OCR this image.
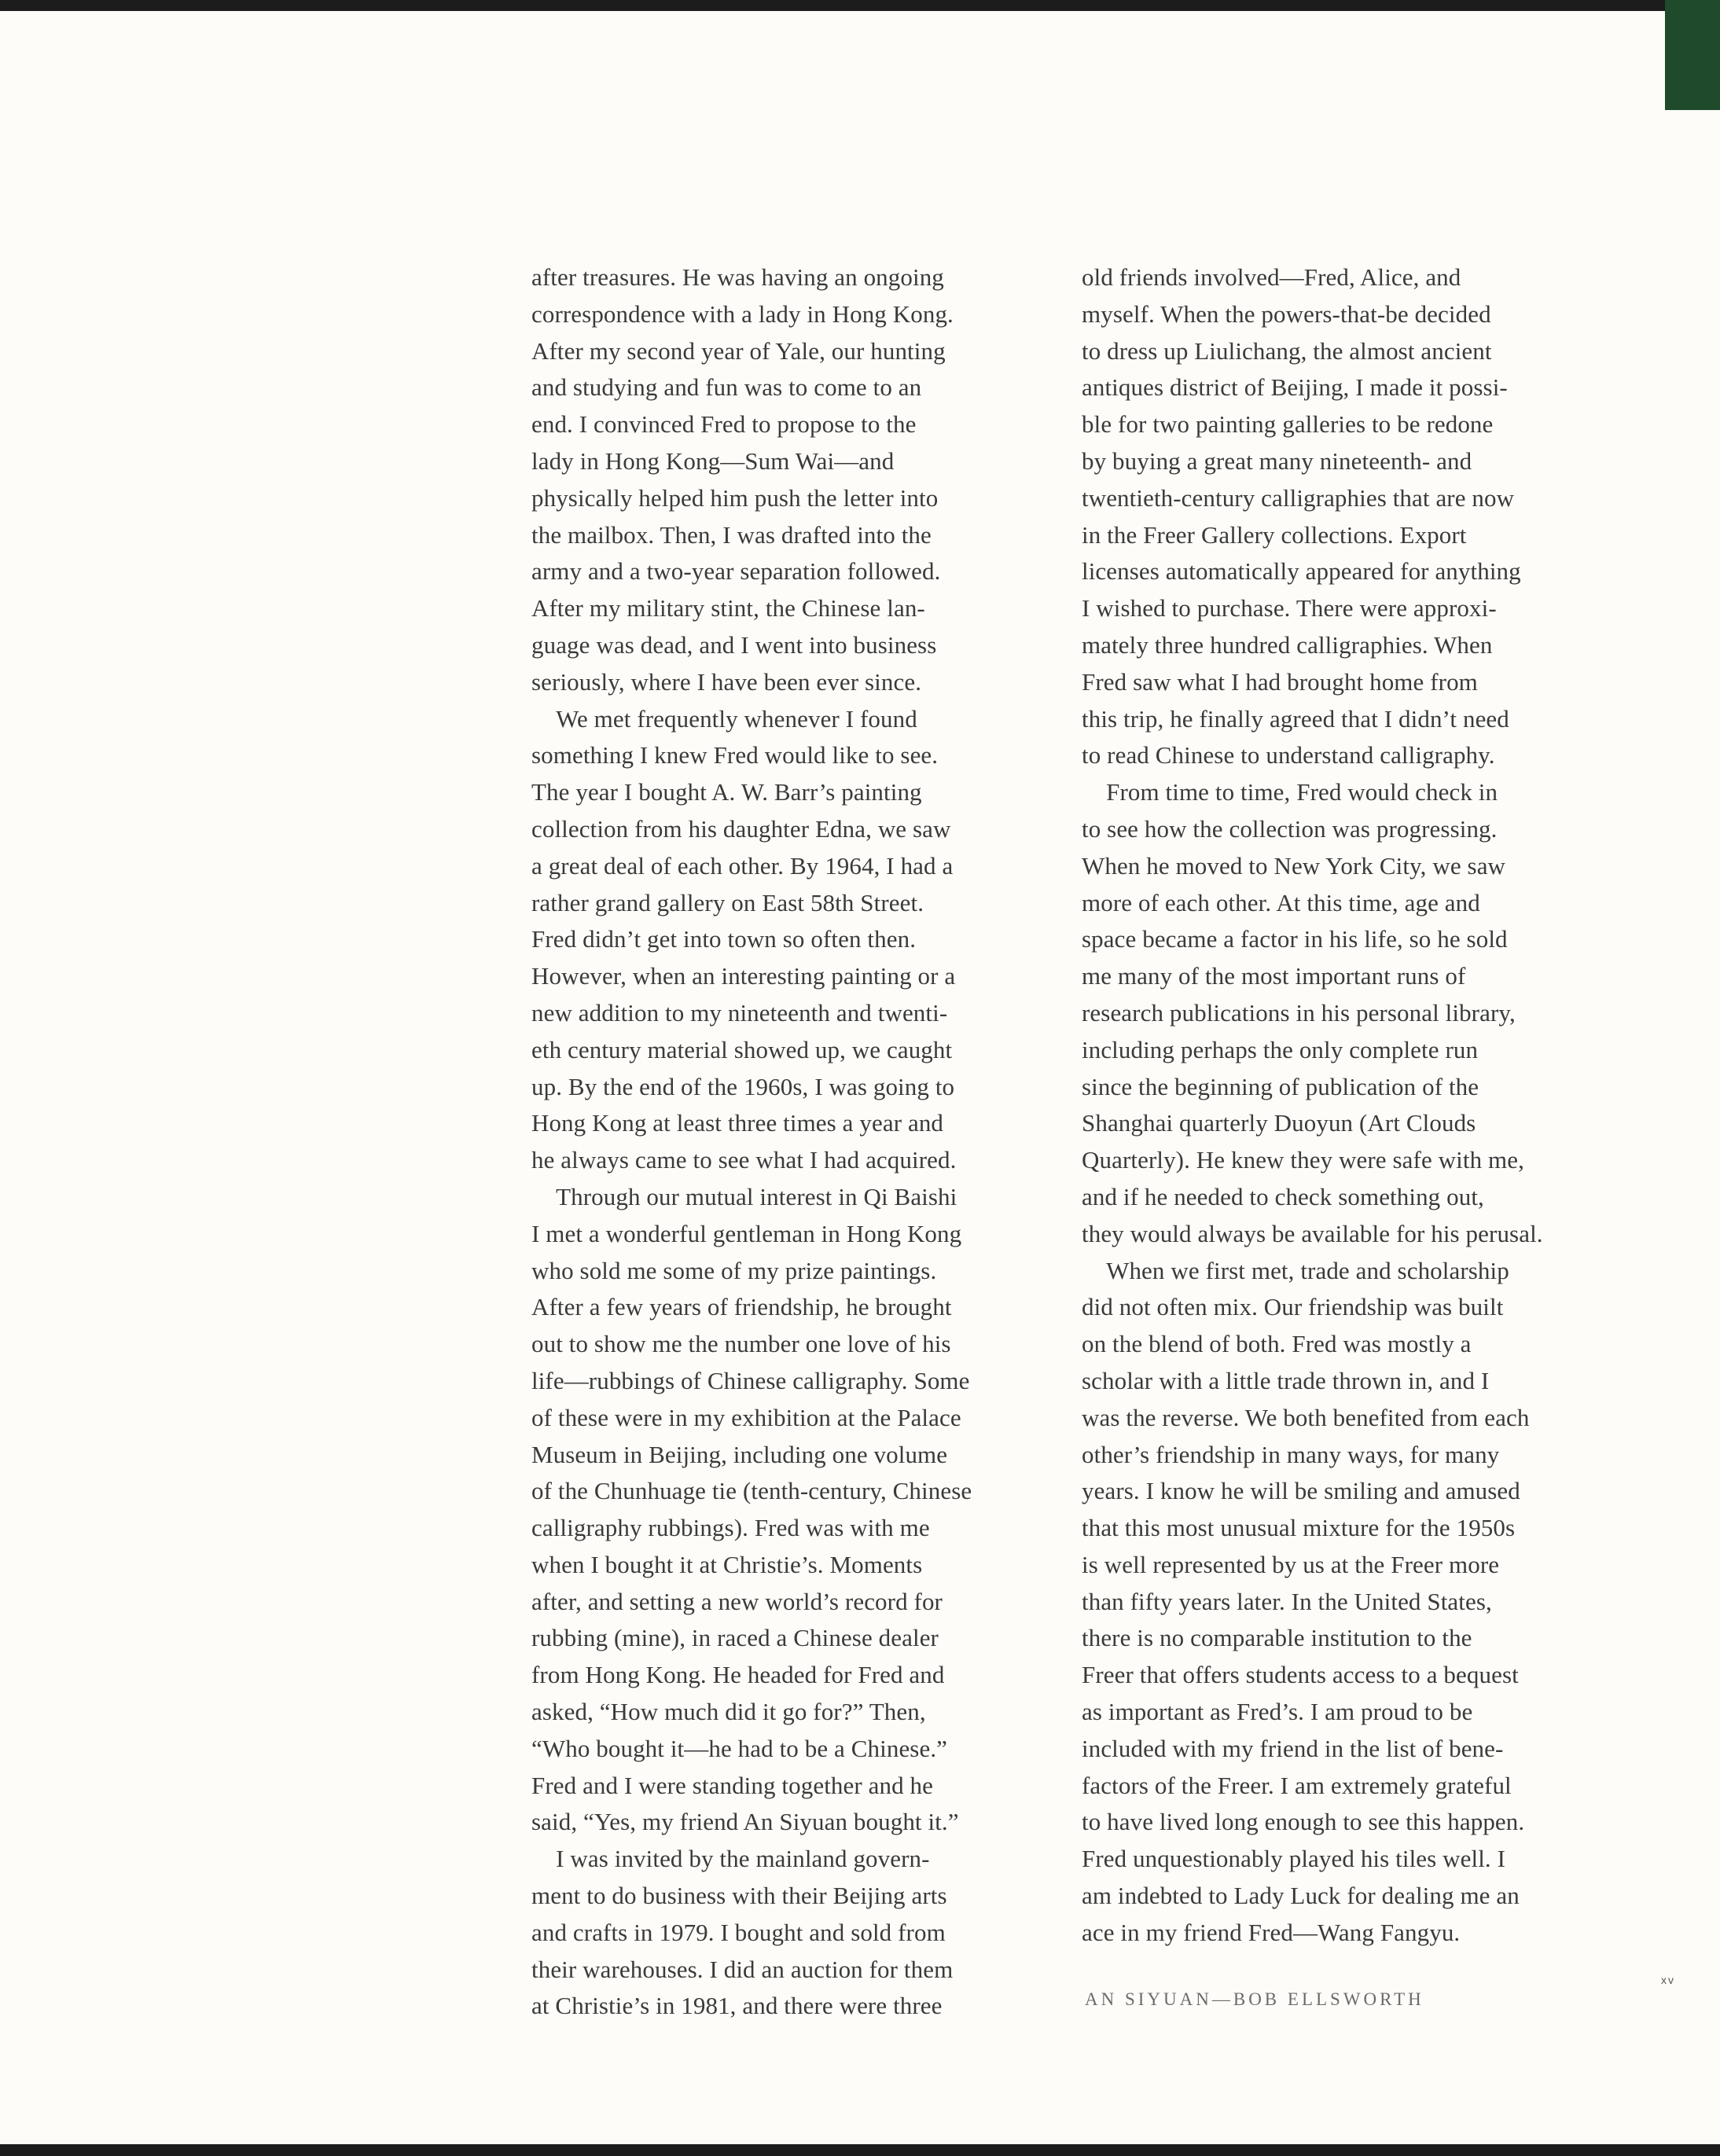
after treasures. He was having an ongoing
correspondence with a lady in Hong Kong.
After my second year of Yale, our hunting
and studying and fun was to come to an
end. I convinced Fred to propose to the
lady in Hong Kong—Sum Wai—and
physically helped him push the letter into
the mailbox. Then, I was drafted into the
army and a two-year separation followed.
After my military stint, the Chinese lan-
guage was dead, and I went into business
seriously, where I have been ever since.

 We met frequently whenever I found
something I knew Fred would like to see.
The year I bought A. W. Barr’s painting
collection from his daughter Edna, we saw
a great deal of each other. By 1964, I had a
rather grand gallery on East 58th Street.
Fred didn’t get into town so often then.
However, when an interesting painting or a
new addition to my nineteenth and twenti-
eth century material showed up, we caught
up. By the end of the 1960s, I was going to
Hong Kong at least three times a year and
he always came to see what I had acquired.

 Through our mutual interest in Qi Baishi
I met a wonderful gentleman in Hong Kong
who sold me some of my prize paintings.
After a few years of friendship, he brought
out to show me the number one love of his
life—rubbings of Chinese calligraphy. Some
of these were in my exhibition at the Palace
Museum in Beijing, including one volume
of the Chunhuage tie (tenth-century, Chinese
calligraphy rubbings). Fred was with me
when I bought it at Christie’s. Moments
after, and setting a new world’s record for
rubbing (mine), in raced a Chinese dealer
from Hong Kong. He headed for Fred and
asked, “How much did it go for?” Then,
“Who bought it—he had to be a Chinese.”
Fred and I were standing together and he
said, “Yes, my friend An Siyuan bought it.”

 I was invited by the mainland govern-
ment to do business with their Beijing arts
and crafts in 1979. I bought and sold from
their warehouses. I did an auction for them
at Christie’s in 1981, and there were three

old friends involved—Fred, Alice, and
myself. When the powers-that-be decided
to dress up Liulichang, the almost ancient
antiques district of Beijing, I made it possi-
ble for two painting galleries to be redone
by buying a great many nineteenth- and
twentieth-century calligraphies that are now
in the Freer Gallery collections. Export
licenses automatically appeared for anything
I wished to purchase. There were approxi-
mately three hundred calligraphies. When
Fred saw what I had brought home from
this trip, he finally agreed that I didn’t need
to read Chinese to understand calligraphy.

 From time to time, Fred would check in
to see how the collection was progressing.
When he moved to New York City, we saw
more of each other. At this time, age and
space became a factor in his life, so he sold
me many of the most important runs of
research publications in his personal library,
including perhaps the only complete run
since the beginning of publication of the
Shanghai quarterly Duoyun (Art Clouds
Quarterly). He knew they were safe with me,
and if he needed to check something out,
they would always be available for his perusal.

 When we first met, trade and scholarship
did not often mix. Our friendship was built
on the blend of both. Fred was mostly a
scholar with a little trade thrown in, and I
was the reverse. We both benefited from each
other’s friendship in many ways, for many
years. I know he will be smiling and amused
that this most unusual mixture for the 1950s
is well represented by us at the Freer more
than fifty years later. In the United States,
there is no comparable institution to the
Freer that offers students access to a bequest
as important as Fred’s. I am proud to be
included with my friend in the list of bene-
factors of the Freer. I am extremely grateful
to have lived long enough to see this happen.
Fred unquestionably played his tiles well. I
am indebted to Lady Luck for dealing me an
ace in my friend Fred—Wang Fangyu.

AN SIYUAN—BOB ELLSWORTH
xv
